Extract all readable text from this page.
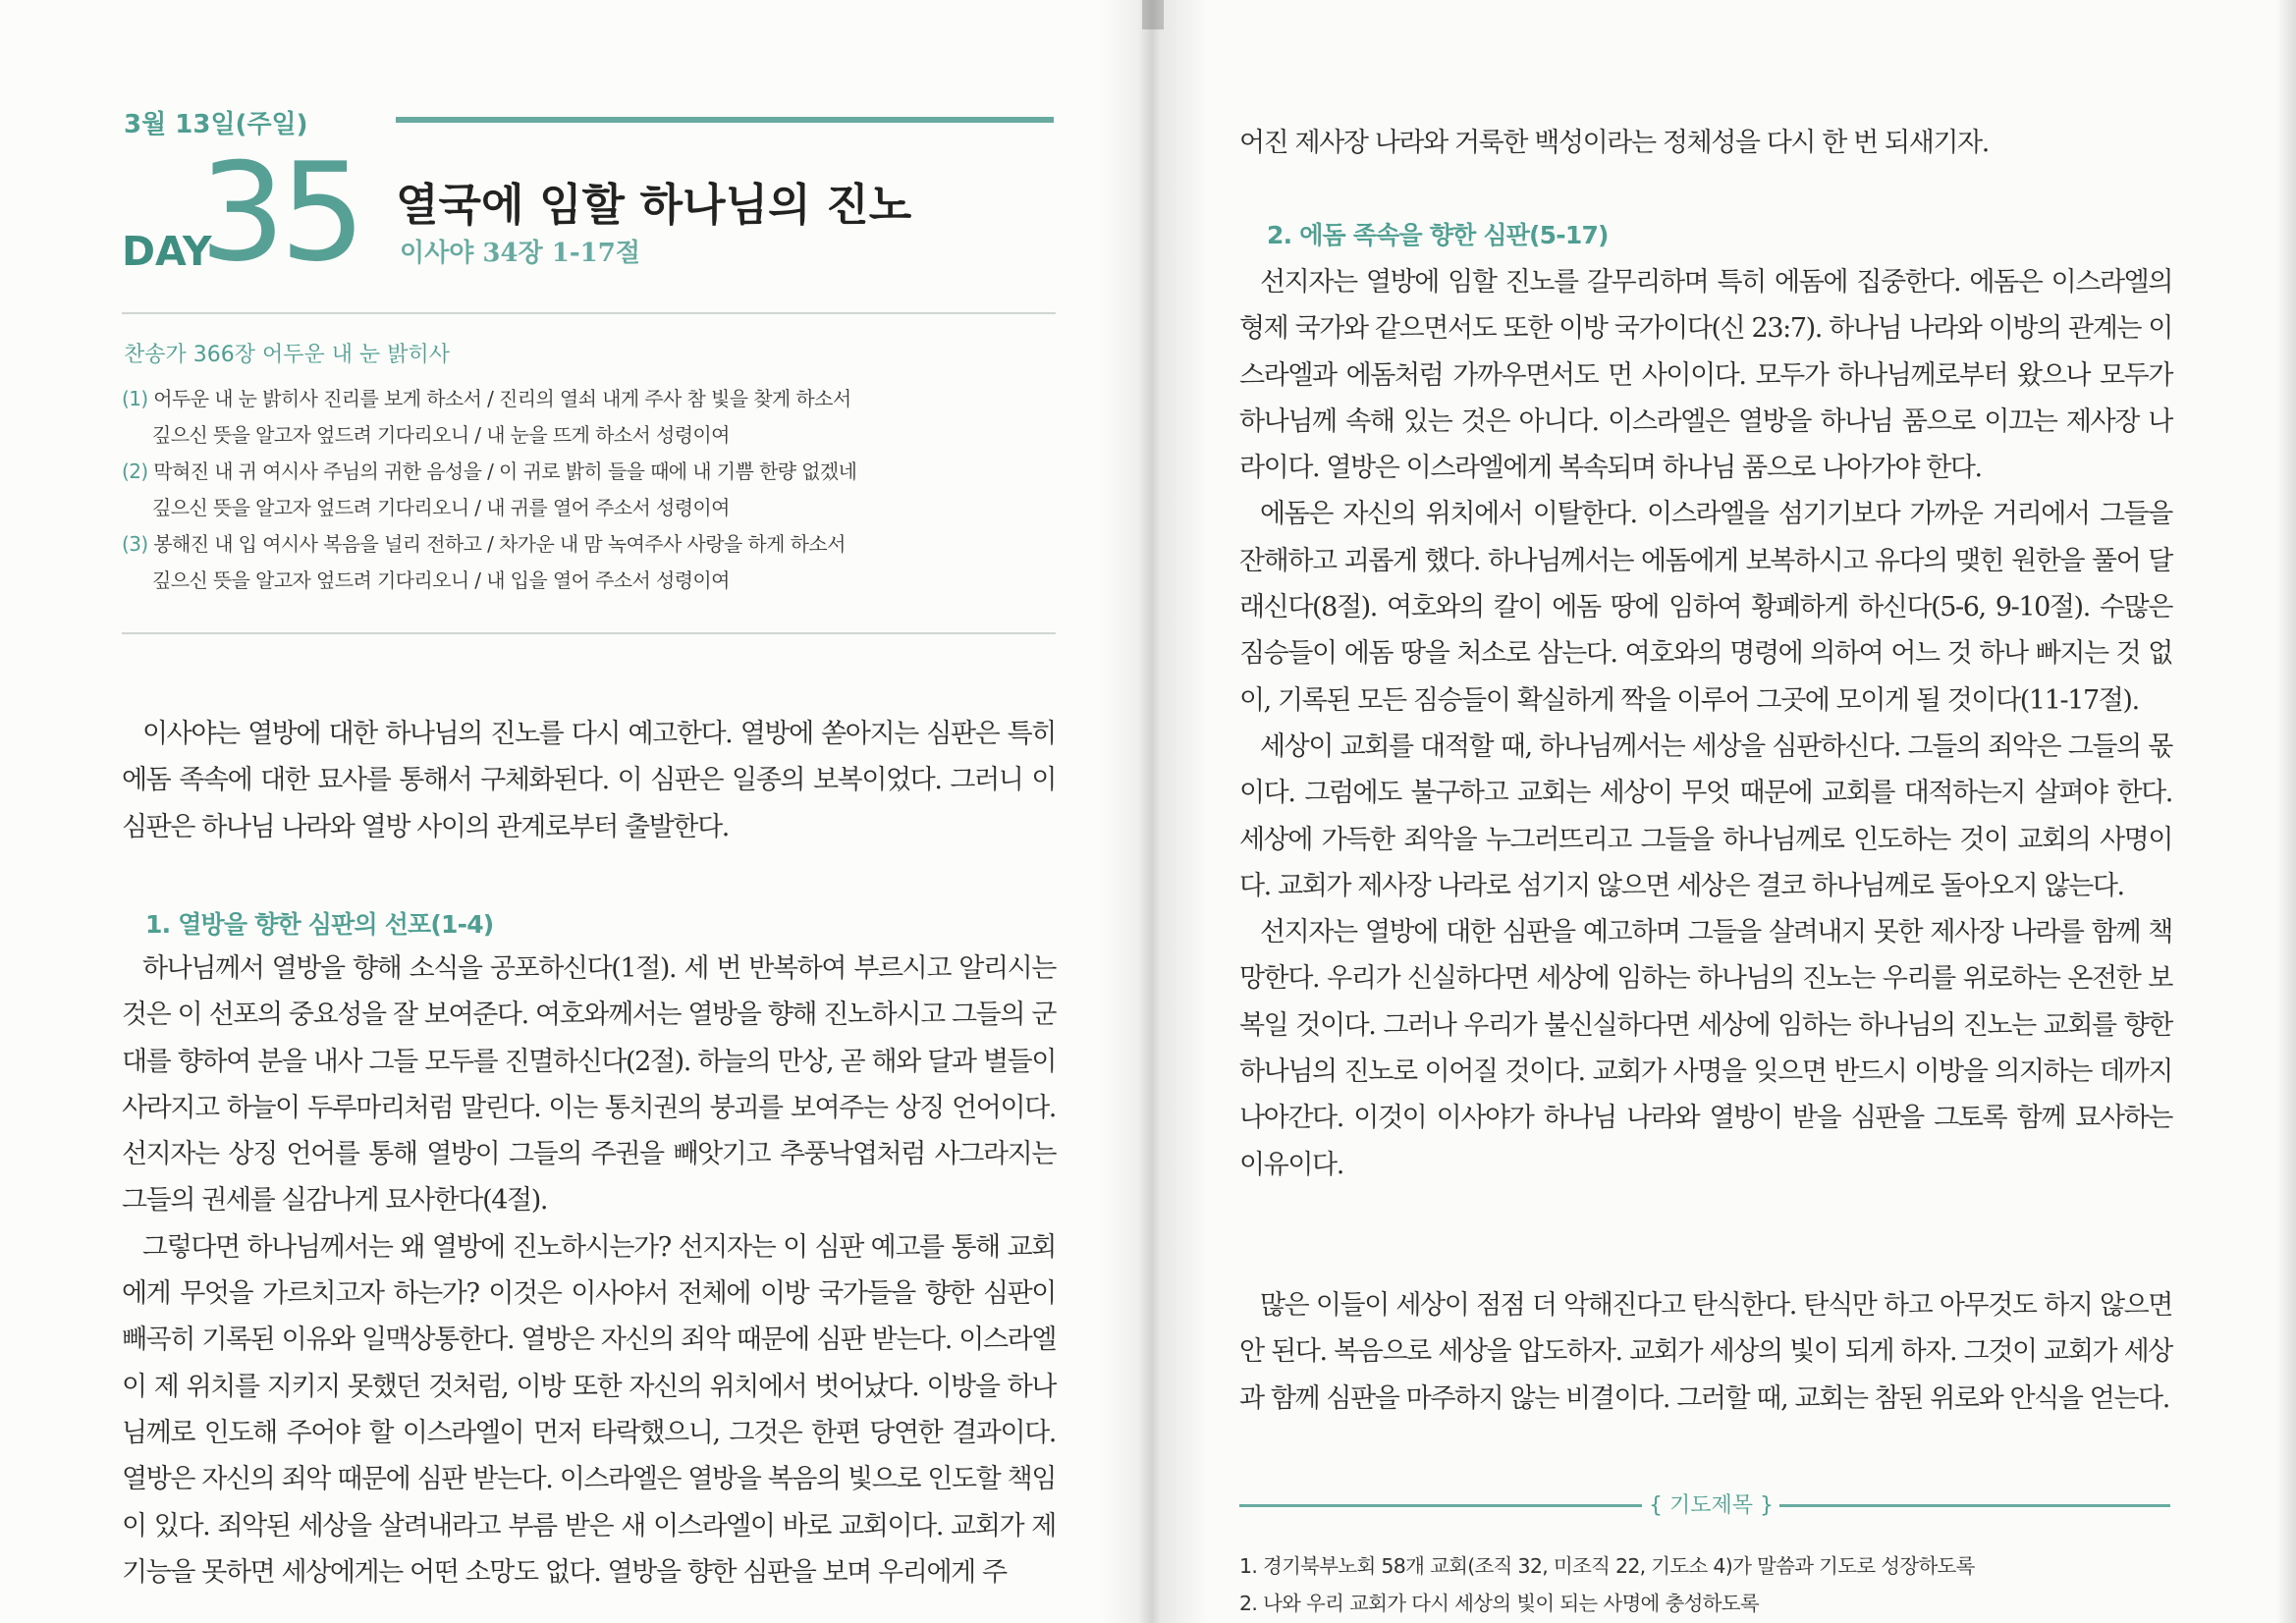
3월 13일(주일)
DAY
35 열국에 임할 하나님의 진노
이사야 34장 1-17절
찬송가 366장 어두운 내 눈 밝히사
(1) 어두운 내 눈 밝히사 진리를 보게 하소서 / 진리의 열쇠 내게 주사 참 빛을 찾게 하소서
깊으신 뜻을 알고자 엎드려 기다리오니 / 내 눈을 뜨게 하소서 성령이여
(2) 막혀진 내 귀 여시사 주님의 귀한 음성을 / 이 귀로 밝히 들을 때에 내 기쁨 한량 없겠네
깊으신 뜻을 알고자 엎드려 기다리오니 / 내 귀를 열어 주소서 성령이여
(3) 봉해진 내 입 여시사 복음을 널리 전하고 / 차가운 내 맘 녹여주사 사랑을 하게 하소서
깊으신 뜻을 알고자 엎드려 기다리오니 / 내 입을 열어 주소서 성령이여

이사야는 열방에 대한 하나님의 진노를 다시 예고한다. 열방에 쏟아지는 심판은 특히 에돔 족속에 대한 묘사를 통해서 구체화된다. 이 심판은 일종의 보복이었다. 그러니 이 심판은 하나님 나라와 열방 사이의 관계로부터 출발한다.

1. 열방을 향한 심판의 선포(1-4)

하나님께서 열방을 향해 소식을 공포하신다(1절). 세 번 반복하여 부르시고 알리시는 것은 이 선포의 중요성을 잘 보여준다. 여호와께서는 열방을 향해 진노하시고 그들의 군대를 향하여 분을 내사 그들 모두를 진멸하신다(2절). 하늘의 만상, 곧 해와 달과 별들이 사라지고 하늘이 두루마리처럼 말린다. 이는 통치권의 붕괴를 보여주는 상징 언어이다. 선지자는 상징 언어를 통해 열방이 그들의 주권을 빼앗기고 추풍낙엽처럼 사그라지는 그들의 권세를 실감나게 묘사한다(4절).

그렇다면 하나님께서는 왜 열방에 진노하시는가? 선지자는 이 심판 예고를 통해 교회에게 무엇을 가르치고자 하는가? 이것은 이사야서 전체에 이방 국가들을 향한 심판이 빼곡히 기록된 이유와 일맥상통한다. 열방은 자신의 죄악 때문에 심판 받는다. 이스라엘이 제 위치를 지키지 못했던 것처럼, 이방 또한 자신의 위치에서 벗어났다. 이방을 하나님께로 인도해 주어야 할 이스라엘이 먼저 타락했으니, 그것은 한편 당연한 결과이다. 열방은 자신의 죄악 때문에 심판 받는다. 이스라엘은 열방을 복음의 빛으로 인도할 책임이 있다. 죄악된 세상을 살려내라고 부름 받은 새 이스라엘이 바로 교회이다. 교회가 제 기능을 못하면 세상에게는 어떤 소망도 없다. 열방을 향한 심판을 보며 우리에게 주

어진 제사장 나라와 거룩한 백성이라는 정체성을 다시 한 번 되새기자.

2. 에돔 족속을 향한 심판(5-17)

선지자는 열방에 임할 진노를 갈무리하며 특히 에돔에 집중한다. 에돔은 이스라엘의 형제 국가와 같으면서도 또한 이방 국가이다(신 23:7). 하나님 나라와 이방의 관계는 이스라엘과 에돔처럼 가까우면서도 먼 사이이다. 모두가 하나님께로부터 왔으나 모두가 하나님께 속해 있는 것은 아니다. 이스라엘은 열방을 하나님 품으로 이끄는 제사장 나라이다. 열방은 이스라엘에게 복속되며 하나님 품으로 나아가야 한다.

에돔은 자신의 위치에서 이탈한다. 이스라엘을 섬기기보다 가까운 거리에서 그들을 잔해하고 괴롭게 했다. 하나님께서는 에돔에게 보복하시고 유다의 맺힌 원한을 풀어 달래신다(8절). 여호와의 칼이 에돔 땅에 임하여 황폐하게 하신다(5-6, 9-10절). 수많은 짐승들이 에돔 땅을 처소로 삼는다. 여호와의 명령에 의하여 어느 것 하나 빠지는 것 없이, 기록된 모든 짐승들이 확실하게 짝을 이루어 그곳에 모이게 될 것이다(11-17절).

세상이 교회를 대적할 때, 하나님께서는 세상을 심판하신다. 그들의 죄악은 그들의 몫이다. 그럼에도 불구하고 교회는 세상이 무엇 때문에 교회를 대적하는지 살펴야 한다. 세상에 가득한 죄악을 누그러뜨리고 그들을 하나님께로 인도하는 것이 교회의 사명이다. 교회가 제사장 나라로 섬기지 않으면 세상은 결코 하나님께로 돌아오지 않는다.

선지자는 열방에 대한 심판을 예고하며 그들을 살려내지 못한 제사장 나라를 함께 책망한다. 우리가 신실하다면 세상에 임하는 하나님의 진노는 우리를 위로하는 온전한 보복일 것이다. 그러나 우리가 불신실하다면 세상에 임하는 하나님의 진노는 교회를 향한 하나님의 진노로 이어질 것이다. 교회가 사명을 잊으면 반드시 이방을 의지하는 데까지 나아간다. 이것이 이사야가 하나님 나라와 열방이 받을 심판을 그토록 함께 묘사하는 이유이다.

많은 이들이 세상이 점점 더 악해진다고 탄식한다. 탄식만 하고 아무것도 하지 않으면 안 된다. 복음으로 세상을 압도하자. 교회가 세상의 빛이 되게 하자. 그것이 교회가 세상과 함께 심판을 마주하지 않는 비결이다. 그러할 때, 교회는 참된 위로와 안식을 얻는다.

{ 기도제목 }
1. 경기북부노회 58개 교회(조직 32, 미조직 22, 기도소 4)가 말씀과 기도로 성장하도록
2. 나와 우리 교회가 다시 세상의 빛이 되는 사명에 충성하도록
